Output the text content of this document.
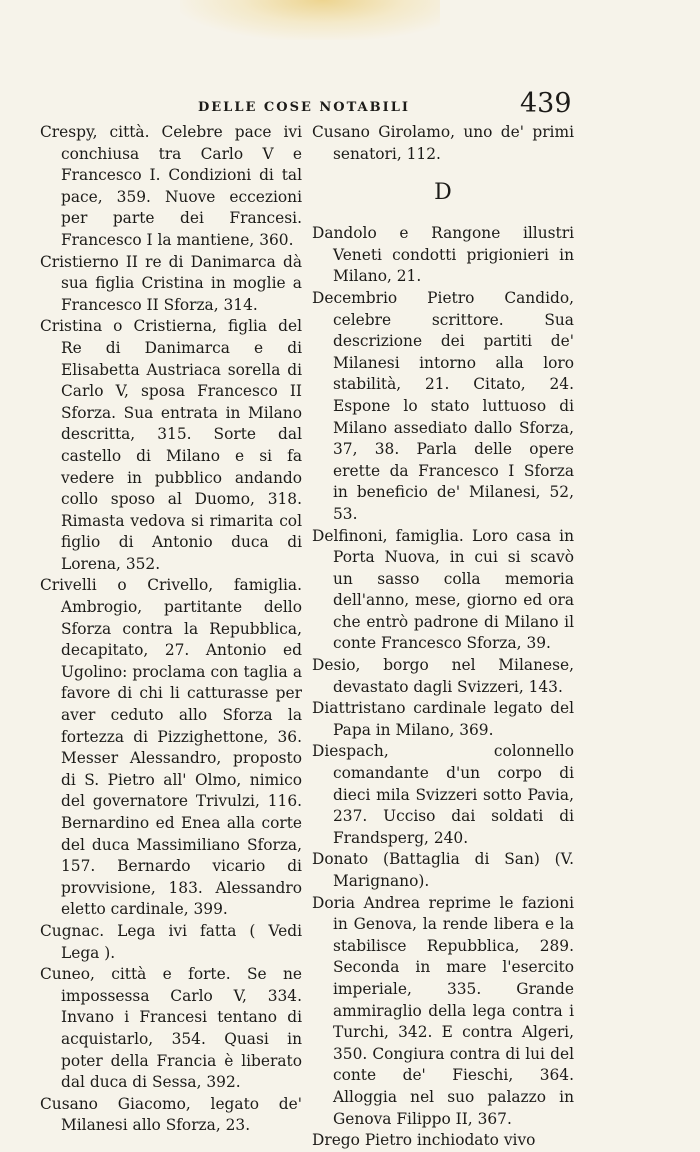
DELLE COSE NOTABILI	439

Crespy, città. Celebre pace ivi conchiusa tra Carlo V e Francesco I. Condizioni di tal pace, 359. Nuove eccezioni per parte dei Francesi. Francesco I la mantiene, 360.

Cristierno II re di Danimarca dà sua figlia Cristina in moglie a Francesco II Sforza, 314.

Cristina o Cristierna, figlia del Re di Danimarca e di Elisabetta Austriaca sorella di Carlo V, sposa Francesco II Sforza. Sua entrata in Milano descritta, 315. Sorte dal castello di Milano e si fa vedere in pubblico andando collo sposo al Duomo, 318. Rimasta vedova si rimarita col figlio di Antonio duca di Lorena, 352.

Crivelli o Crivello, famiglia. Ambrogio, partitante dello Sforza contra la Repubblica, decapitato, 27. Antonio ed Ugolino: proclama con taglia a favore di chi li catturasse per aver ceduto allo Sforza la fortezza di Pizzighettone, 36. Messer Alessandro, proposto di S. Pietro all' Olmo, nimico del governatore Trivulzi, 116. Bernardino ed Enea alla corte del duca Massimiliano Sforza, 157. Bernardo vicario di provvisione, 183. Alessandro eletto cardinale, 399.

Cugnac. Lega ivi fatta ( Vedi Lega ).

Cuneo, città e forte. Se ne impossessa Carlo V, 334. Invano i Francesi tentano di acquistarlo, 354. Quasi in poter della Francia è liberato dal duca di Sessa, 392.

Cusano Giacomo, legato de' Milanesi allo Sforza, 23.

Cusano Girolamo, uno de' primi senatori, 112.

D

Dandolo e Rangone illustri Veneti condotti prigionieri in Milano, 21.

Decembrio Pietro Candido, celebre scrittore. Sua descrizione dei partiti de' Milanesi intorno alla loro stabilità, 21. Citato, 24. Espone lo stato luttuoso di Milano assediato dallo Sforza, 37, 38. Parla delle opere erette da Francesco I Sforza in beneficio de' Milanesi, 52, 53.

Delfinoni, famiglia. Loro casa in Porta Nuova, in cui si scavò un sasso colla memoria dell'anno, mese, giorno ed ora che entrò padrone di Milano il conte Francesco Sforza, 39.

Desio, borgo nel Milanese, devastato dagli Svizzeri, 143.

Diattristano cardinale legato del Papa in Milano, 369.

Diespach, colonnello comandante d'un corpo di dieci mila Svizzeri sotto Pavia, 237. Ucciso dai soldati di Frandsperg, 240.

Donato (Battaglia di San) (V. Marignano).

Doria Andrea reprime le fazioni in Genova, la rende libera e la stabilisce Repubblica, 289. Seconda in mare l'esercito imperiale, 335. Grande ammiraglio della lega contra i Turchi, 342. E contra Algeri, 350. Congiura contra di lui del conte de' Fieschi, 364. Alloggia nel suo palazzo in Genova Filippo II, 367.

Drego Pietro inchiodato vivo
